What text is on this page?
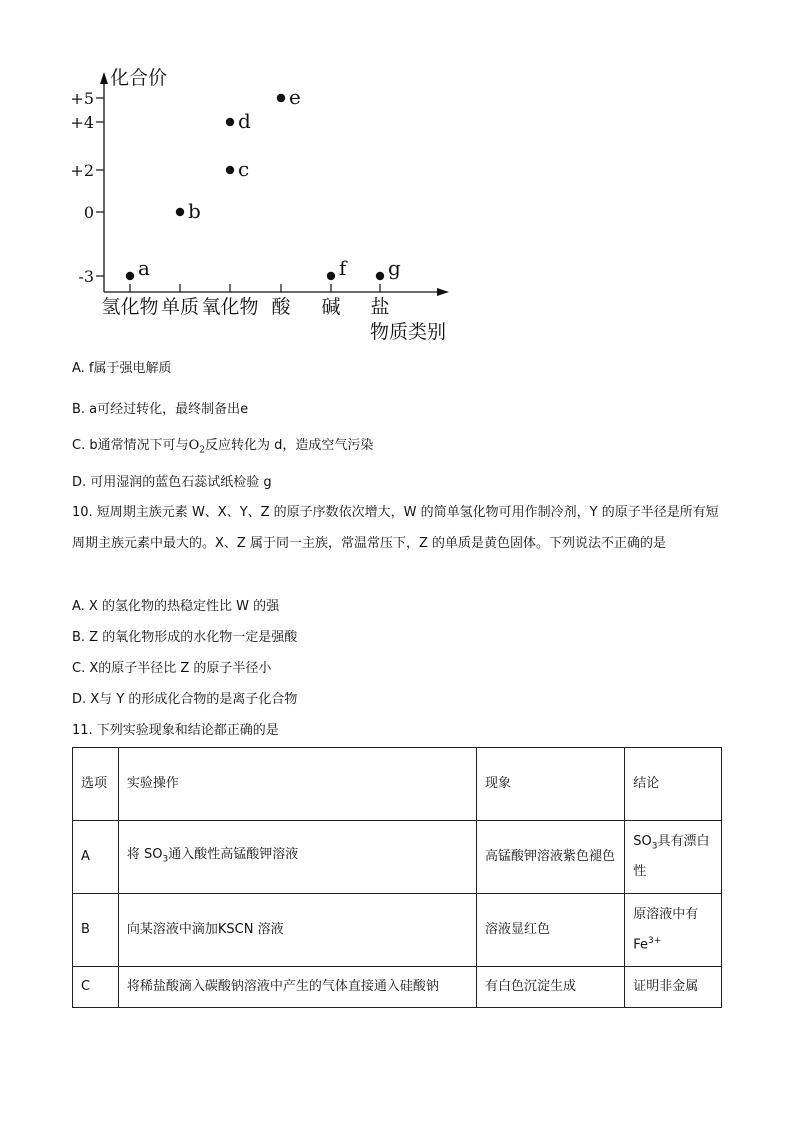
化合价
+5
+4
+2
0
-3
氢化物 单质 氧化物 酸 碱 盐
物质类别
a
b
c
d
e
f g
A. f属于强电解质
B. a可经过转化，最终制备出e
C. b通常情况下可与$O_2$反应转化为 d，造成空气污染
D. 可用湿润的蓝色石蕊试纸检验 g
10. 短周期主族元素 W、X、Y、Z 的原子序数依次增大，W 的简单氢化物可用作制冷剂，Y 的原子半径是所有短周期主族元素中最大的。X、Z 属于同一主族，常温常压下，Z 的单质是黄色固体。下列说法不正确的是
A. X 的氢化物的热稳定性比 W 的强
B. Z 的氧化物形成的水化物一定是强酸
C. X的原子半径比 Z 的原子半径小
D. X与 Y 的形成化合物的是离子化合物
11. 下列实验现象和结论都正确的是
选项	实验操作	现象	结论
A	将 $SO_3$通入酸性高锰酸钾溶液	高锰酸钾溶液紫色褪色	$SO_3$具有漂白性
B	向某溶液中滴加KSCN 溶液	溶液显红色	原溶液中有$Fe^{3+}$
C	将稀盐酸滴入碳酸钠溶液中产生的气体直接通入硅酸钠	有白色沉淀生成	证明非金属
